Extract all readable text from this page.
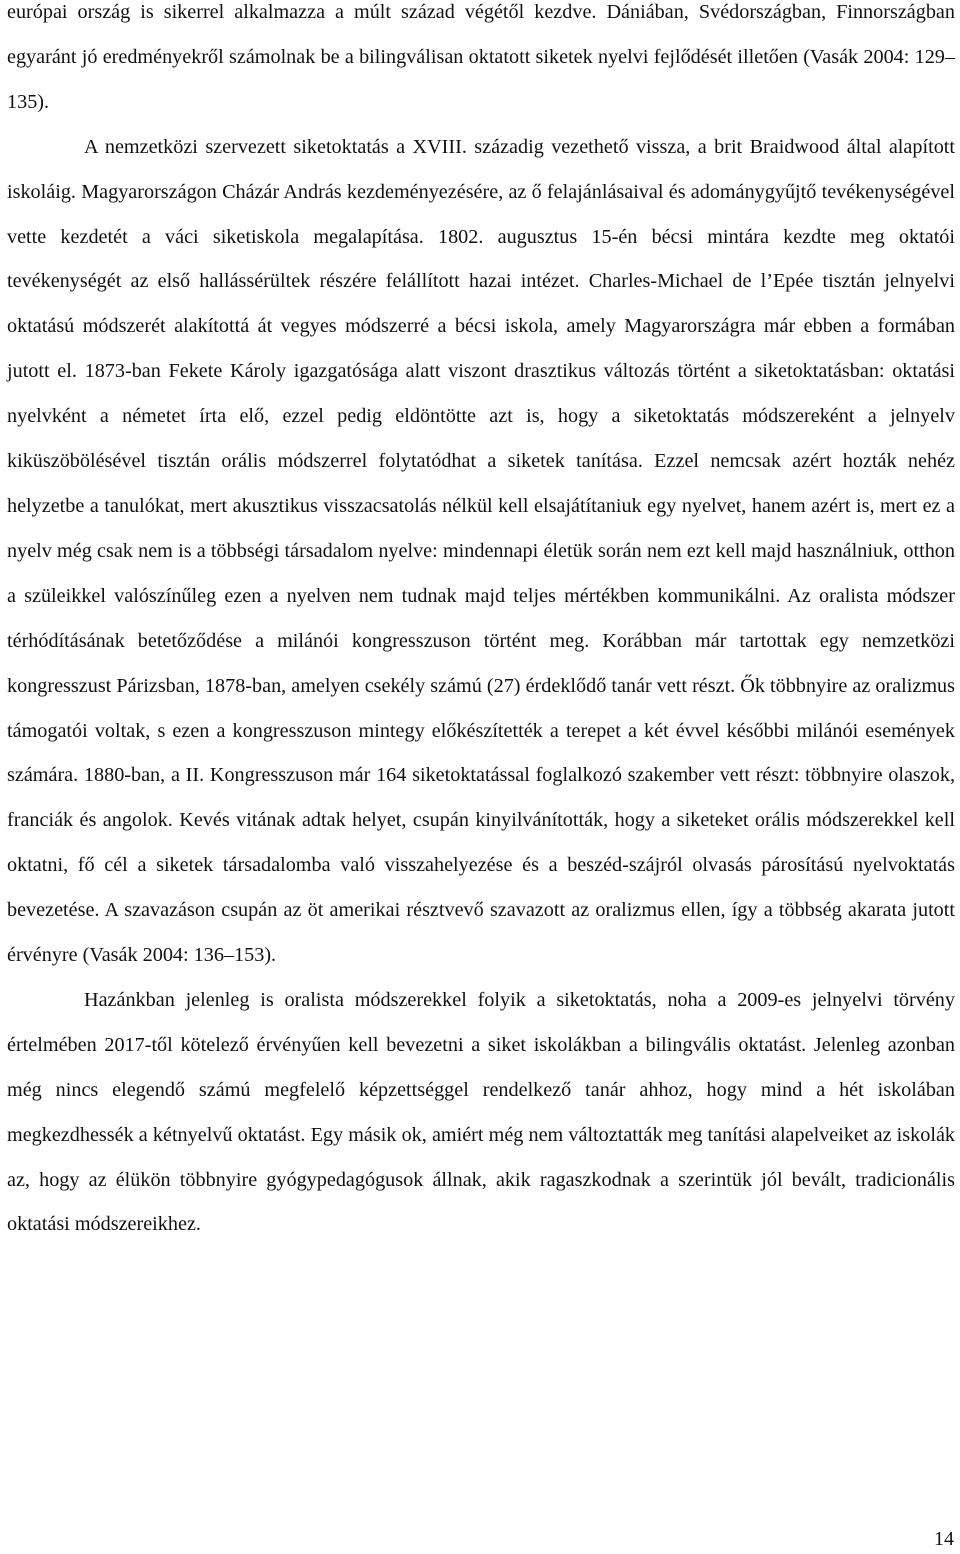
európai ország is sikerrel alkalmazza a múlt század végétől kezdve. Dániában, Svédországban, Finnországban egyaránt jó eredményekről számolnak be a bilingválisan oktatott siketek nyelvi fejlődését illetően (Vasák 2004: 129–135).

A nemzetközi szervezett siketoktatás a XVIII. századig vezethető vissza, a brit Braidwood által alapított iskoláig. Magyarországon Cházár András kezdeményezésére, az ő felajánlásaival és adománygyűjtő tevékenységével vette kezdetét a váci siketiskola megalapítása. 1802. augusztus 15-én bécsi mintára kezdte meg oktatói tevékenységét az első hallássérültek részére felállított hazai intézet. Charles-Michael de l’Epée tisztán jelnyelvi oktatású módszerét alakítottá át vegyes módszerré a bécsi iskola, amely Magyarországra már ebben a formában jutott el. 1873-ban Fekete Károly igazgatósága alatt viszont drasztikus változás történt a siketoktatásban: oktatási nyelvként a németet írta elő, ezzel pedig eldöntötte azt is, hogy a siketoktatás módszereként a jelnyelv kiküszöbölésével tisztán orális módszerrel folytatódhat a siketek tanítása. Ezzel nemcsak azért hozták nehéz helyzetbe a tanulókat, mert akusztikus visszacsatolás nélkül kell elsajátítaniuk egy nyelvet, hanem azért is, mert ez a nyelv még csak nem is a többségi társadalom nyelve: mindennapi életük során nem ezt kell majd használniuk, otthon a szüleikkel valószínűleg ezen a nyelven nem tudnak majd teljes mértékben kommunikálni. Az oralista módszer térhódításának betetőződése a milánói kongresszuson történt meg. Korábban már tartottak egy nemzetközi kongresszust Párizsban, 1878-ban, amelyen csekély számú (27) érdeklődő tanár vett részt. Ők többnyire az oralizmus támogatói voltak, s ezen a kongresszuson mintegy előkészítették a terepet a két évvel későbbi milánói események számára. 1880-ban, a II. Kongresszuson már 164 siketoktatással foglalkozó szakember vett részt: többnyire olaszok, franciák és angolok. Kevés vitának adtak helyet, csupán kinyilvánították, hogy a siketeket orális módszerekkel kell oktatni, fő cél a siketek társadalomba való visszahelyezése és a beszéd-szájról olvasás párosítású nyelvoktatás bevezetése. A szavazáson csupán az öt amerikai résztvevő szavazott az oralizmus ellen, így a többség akarata jutott érvényre (Vasák 2004: 136–153).

Hazánkban jelenleg is oralista módszerekkel folyik a siketoktatás, noha a 2009-es jelnyelvi törvény értelmében 2017-től kötelező érvényűen kell bevezetni a siket iskolákban a bilingvális oktatást. Jelenleg azonban még nincs elegendő számú megfelelő képzettséggel rendelkező tanár ahhoz, hogy mind a hét iskolában megkezdhessék a kétnyelvű oktatást. Egy másik ok, amiért még nem változtatták meg tanítási alapelveiket az iskolák az, hogy az élükön többnyire gyógypedagógusok állnak, akik ragaszkodnak a szerintük jól bevált, tradicionális oktatási módszereikhez.

14
